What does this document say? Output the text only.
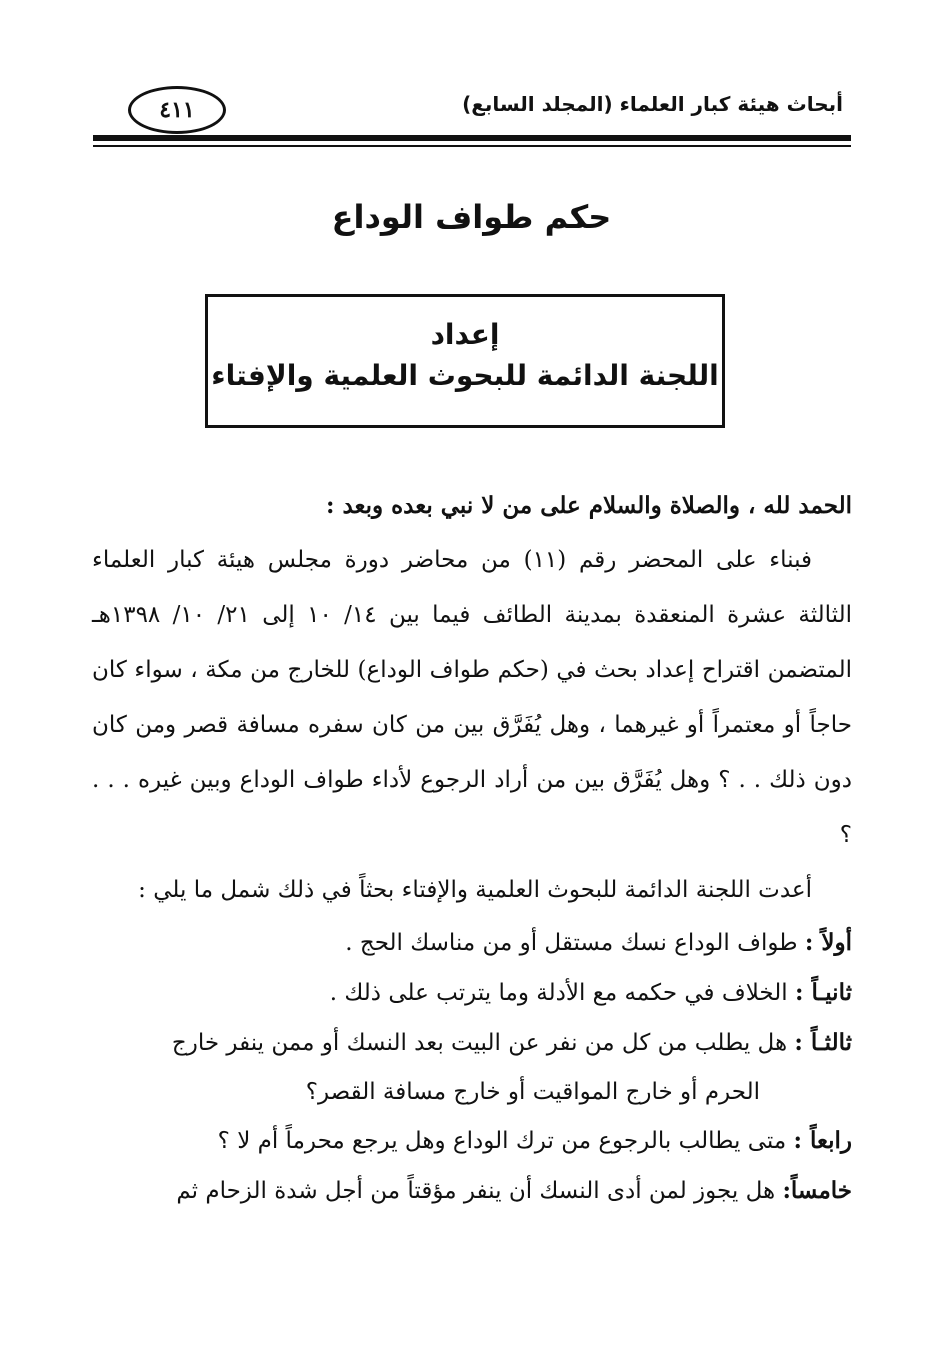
أبحاث هيئة كبار العلماء (المجلد السابع)
٤١١
حكم طواف الوداع
إعداد
اللجنة الدائمة للبحوث العلمية والإفتاء

الحمد لله ، والصلاة والسلام على من لا نبي بعده وبعد :

فبناء على المحضر رقم (١١) من محاضر دورة مجلس هيئة كبار العلماء الثالثة عشرة المنعقدة بمدينة الطائف فيما بين ١٤/ ١٠ إلى ٢١/ ١٠/ ١٣٩٨هـ المتضمن اقتراح إعداد بحث في (حكم طواف الوداع) للخارج من مكة ، سواء كان حاجاً أو معتمراً أو غيرهما ، وهل يُفَرَّق بين من كان سفره مسافة قصر ومن كان دون ذلك . . ؟ وهل يُفَرَّق بين من أراد الرجوع لأداء طواف الوداع وبين غيره . . . ؟

أعدت اللجنة الدائمة للبحوث العلمية والإفتاء بحثاً في ذلك شمل ما يلي :

أولاً : طواف الوداع نسك مستقل أو من مناسك الحج .

ثانيـاً : الخلاف في حكمه مع الأدلة وما يترتب على ذلك .

ثالثـاً : هل يطلب من كل من نفر عن البيت بعد النسك أو ممن ينفر خارج

الحرم أو خارج المواقيت أو خارج مسافة القصر؟

رابعاً : متى يطالب بالرجوع من ترك الوداع وهل يرجع محرماً أم لا ؟

خامساً: هل يجوز لمن أدى النسك أن ينفر مؤقتاً من أجل شدة الزحام ثم
